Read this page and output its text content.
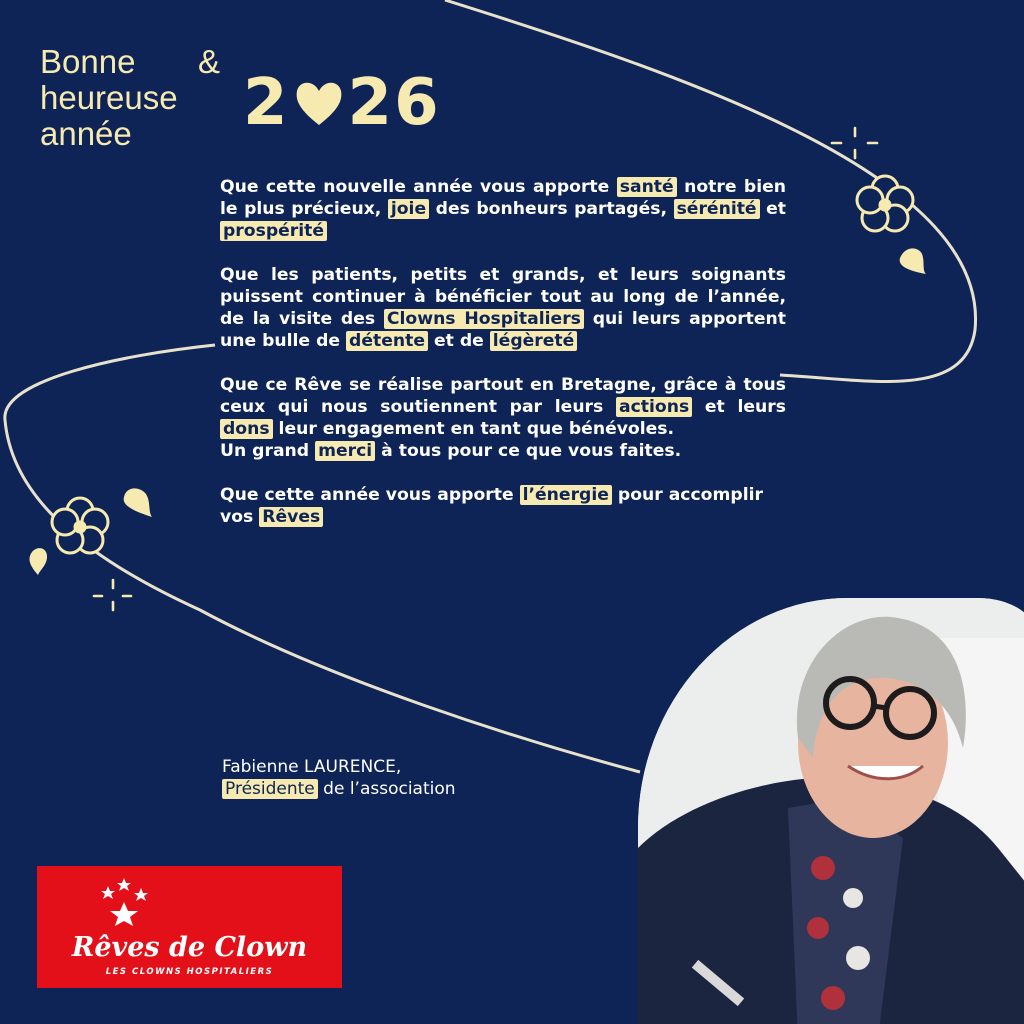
Bonne &
heureuse
année	2 26

Que cette nouvelle année vous apporte santé notre bien le plus précieux, joie des bonheurs partagés, sérénité et prospérité

Que les patients, petits et grands, et leurs soignants puissent continuer à bénéficier tout au long de l’année, de la visite des Clowns Hospitaliers qui leurs apportent une bulle de détente et de légèreté

Que ce Rêve se réalise partout en Bretagne, grâce à tous ceux qui nous soutiennent par leurs actions et leurs dons leur engagement en tant que bénévoles.

Un grand merci à tous pour ce que vous faites.

Que cette année vous apporte l’énergie pour accomplir vos Rêves

Fabienne LAURENCE,
Présidente de l’association
Rêves de Clown
LES CLOWNS HOSPITALIERS
